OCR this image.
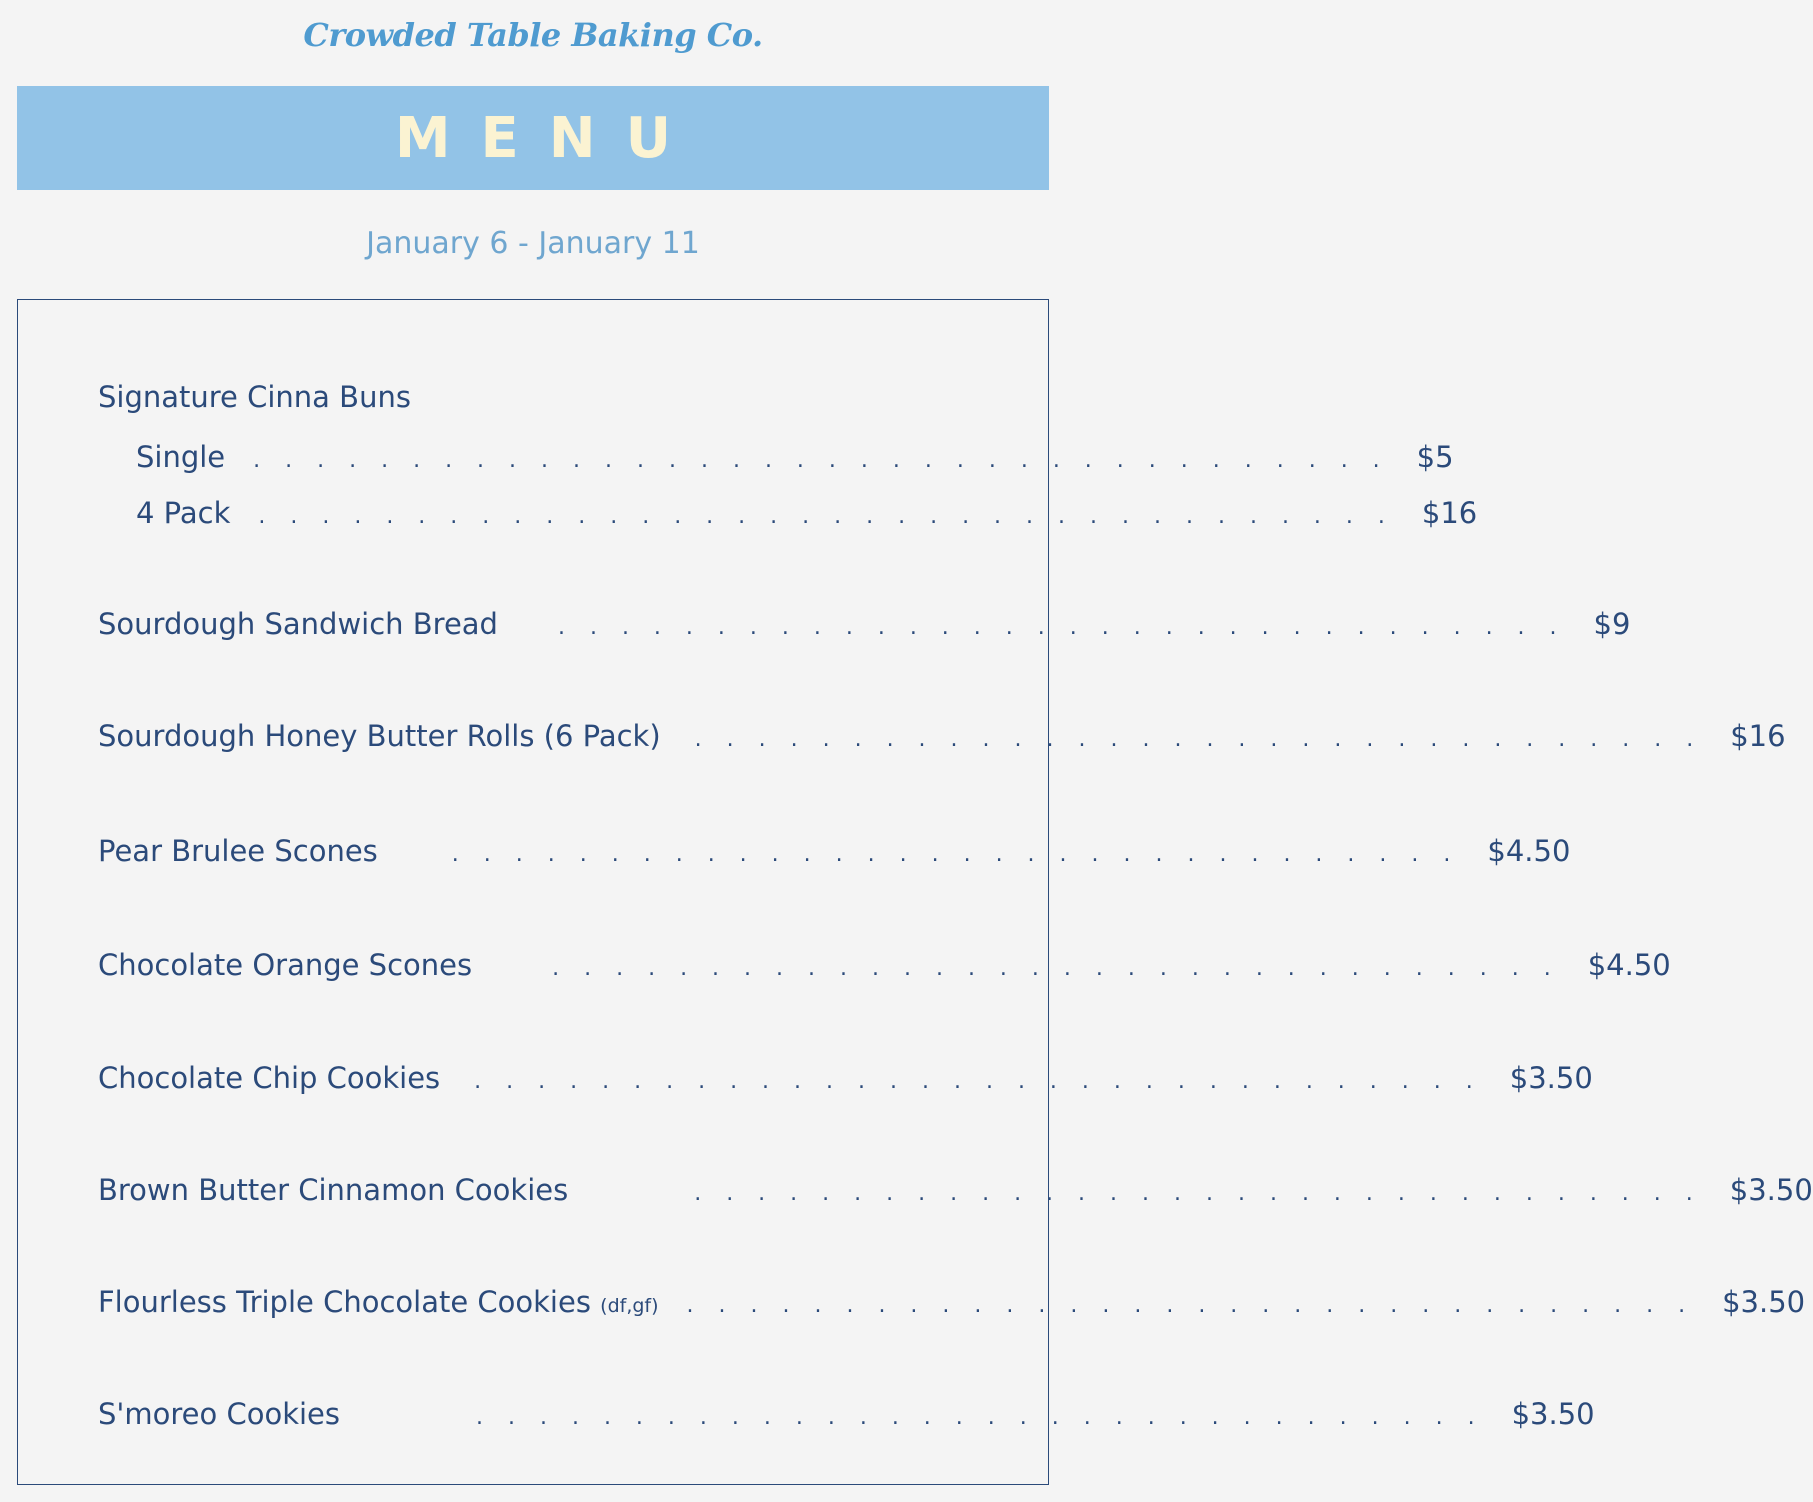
Crowded Table Baking Co.
MENU
January 6 - January 11
Signature Cinna Buns
Single . . . . . . . . . . . . . . . . . . . . . . . . . . . . . . . . . . . . $5
4 Pack . . . . . . . . . . . . . . . . . . . . . . . . . . . . . . . . . . . . $16
Sourdough Sandwich Bread	. . . . . . . . . . . . . . . . . . . . . . . . . . . . . . . . $9
Sourdough Honey Butter Rolls (6 Pack) . . . . . . . . . . . . . . . . . . . . . . . . . . . . . . . . $16
Pear Brulee Scones	. . . . . . . . . . . . . . . . . . . . . . . . . . . . . . . . $4.50
Chocolate Orange Scones	. . . . . . . . . . . . . . . . . . . . . . . . . . . . . . . . $4.50
Chocolate Chip Cookies . . . . . . . . . . . . . . . . . . . . . . . . . . . . . . . . $3.50
Brown Butter Cinnamon Cookies	. . . . . . . . . . . . . . . . . . . . . . . . . . . . . . . . $3.50
Flourless Triple Chocolate Cookies (df,gf) . . . . . . . . . . . . . . . . . . . . . . . . . . . . . . . . $3.50
S'moreo Cookies	. . . . . . . . . . . . . . . . . . . . . . . . . . . . . . . . $3.50
